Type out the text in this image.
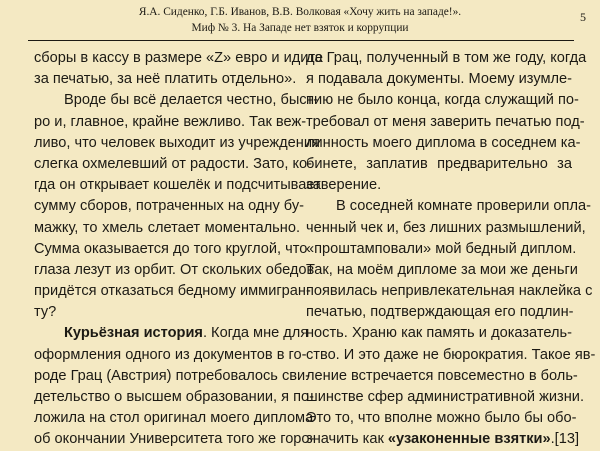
Я.А. Сиденко, Г.Б. Иванов, В.В. Волковая «Хочу жить на западе!».
Миф № 3. На Западе нет взяток и коррупции
5
сборы в кассу в размере «Z» евро и идите
за печатью, за неё платить отдельно».
Вроде бы всё делается честно, быст-
ро и, главное, крайне вежливо. Так веж-
ливо, что человек выходит из учреждения
слегка охмелевший от радости. Зато, ко-
гда он открывает кошелёк и подсчитывает
сумму сборов, потраченных на одну бу-
мажку, то хмель слетает моментально.
Сумма оказывается до того круглой, что
глаза лезут из орбит. От скольких обедов
придётся отказаться бедному иммигран-
ту?
Курьёзная история. Когда мне для
оформления одного из документов в го-
роде Грац (Австрия) потребовалось сви-
детельство о высшем образовании, я по-
ложила на стол оригинал моего диплома
об окончании Университета того же горо-
да Грац, полученный в том же году, когда
я подавала документы. Моему изумле-
нию не было конца, когда служащий по-
требовал от меня заверить печатью под-
линность моего диплома в соседнем ка-
бинете, заплатив предварительно за
заверение.
В соседней комнате проверили опла-
ченный чек и, без лишних размышлений,
«проштамповали» мой бедный диплом.
Так, на моём дипломе за мои же деньги
появилась непривлекательная наклейка с
печатью, подтверждающая его подлин-
ность. Храню как память и доказатель-
ство. И это даже не бюрократия. Такое яв-
ление встречается повсеместно в боль-
шинстве сфер административной жизни.
Это то, что вполне можно было бы обо-
значить как «узаконенные взятки».[13]
